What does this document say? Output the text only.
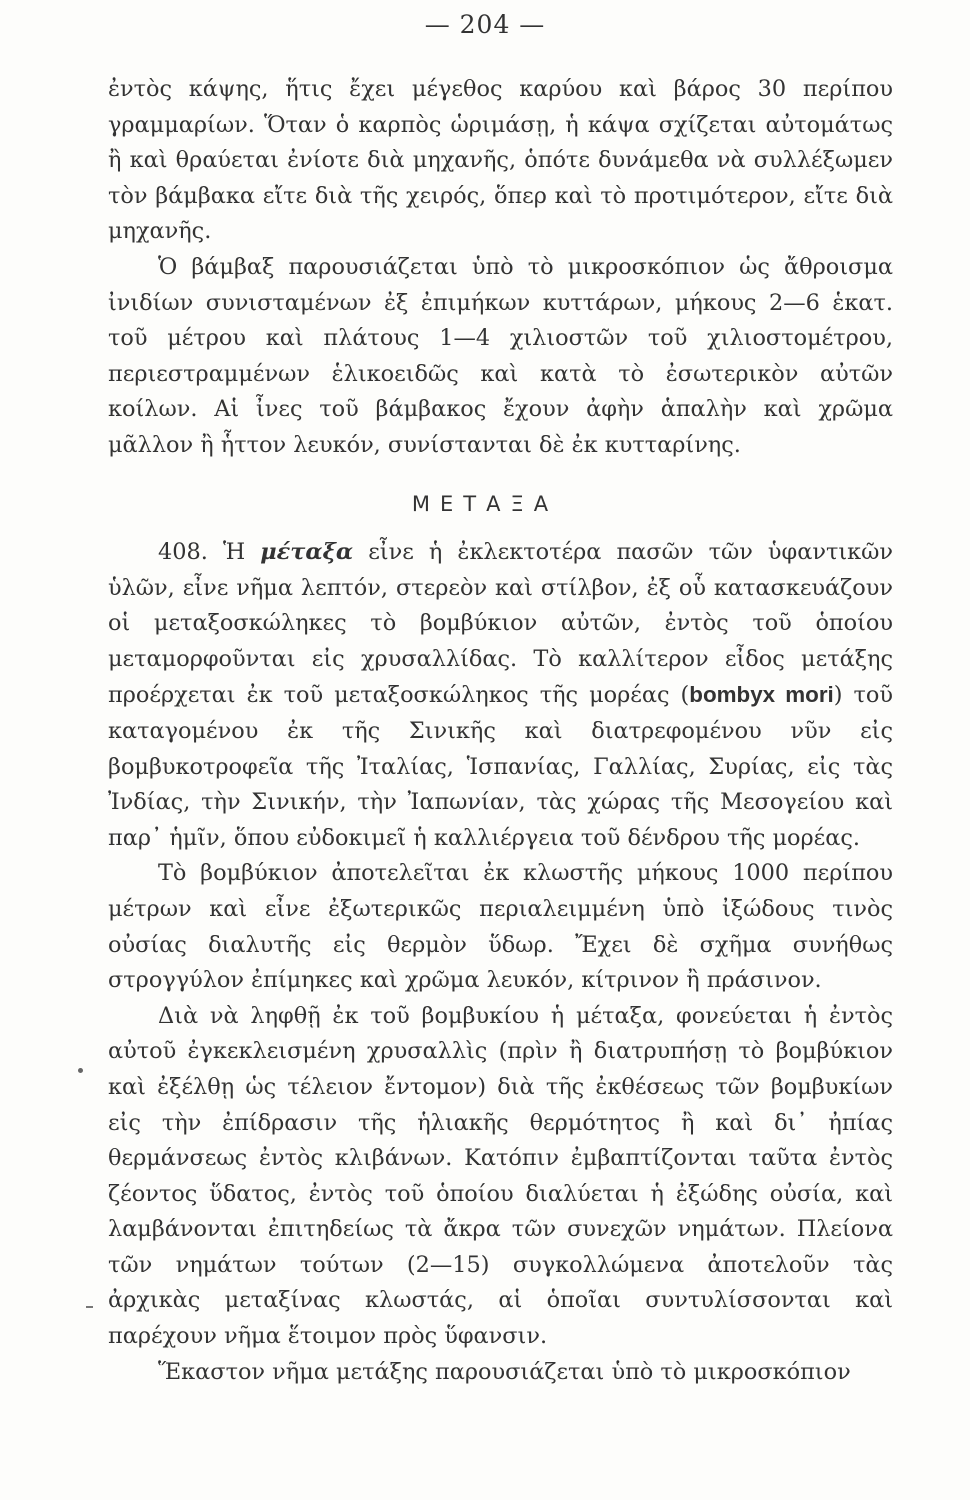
— 204 —

ἐντὸς κάψης, ἥτις ἔχει μέγεθος καρύου καὶ βάρος 30 περίπου γραμμαρίων. Ὅταν ὁ καρπὸς ὡριμάσῃ, ἡ κάψα σχίζεται αὐτομάτως ἢ καὶ θραύεται ἐνίοτε διὰ μηχανῆς, ὁπότε δυνάμεθα νὰ συλλέξωμεν τὸν βάμβακα εἴτε διὰ τῆς χειρός, ὅπερ καὶ τὸ προτιμότερον, εἴτε διὰ μηχανῆς.

Ὁ βάμβαξ παρουσιάζεται ὑπὸ τὸ μικροσκόπιον ὡς ἄθροισμα ἰνιδίων συνισταμένων ἐξ ἐπιμήκων κυττάρων, μήκους 2—6 ἑκατ. τοῦ μέτρου καὶ πλάτους 1—4 χιλιοστῶν τοῦ χιλιοστομέτρου, περιεστραμμένων ἑλικοειδῶς καὶ κατὰ τὸ ἐσωτερικὸν αὐτῶν κοίλων. Αἱ ἶνες τοῦ βάμβακος ἔχουν ἀφὴν ἁπαλὴν καὶ χρῶμα μᾶλλον ἢ ἧττον λευκόν, συνίστανται δὲ ἐκ κυτταρίνης.

ΜΕΤΑΞΑ

408. Ἡ μέταξα εἶνε ἡ ἐκλεκτοτέρα πασῶν τῶν ὑφαντικῶν ὑλῶν, εἶνε νῆμα λεπτόν, στερεὸν καὶ στίλβον, ἐξ οὗ κατασκευάζουν οἱ μεταξοσκώληκες τὸ βομβύκιον αὐτῶν, ἐντὸς τοῦ ὁποίου μεταμορφοῦνται εἰς χρυσαλλίδας. Τὸ καλλίτερον εἶδος μετάξης προέρχεται ἐκ τοῦ μεταξοσκώληκος τῆς μορέας (bombyx mori) τοῦ καταγομένου ἐκ τῆς Σινικῆς καὶ διατρεφομένου νῦν εἰς βομβυκοτροφεῖα τῆς Ἰταλίας, Ἱσπανίας, Γαλλίας, Συρίας, εἰς τὰς Ἰνδίας, τὴν Σινικήν, τὴν Ἰαπωνίαν, τὰς χώρας τῆς Μεσογείου καὶ παρ᾽ ἡμῖν, ὅπου εὐδοκιμεῖ ἡ καλλιέργεια τοῦ δένδρου τῆς μορέας.

Τὸ βομβύκιον ἀποτελεῖται ἐκ κλωστῆς μήκους 1000 περίπου μέτρων καὶ εἶνε ἐξωτερικῶς περιαλειμμένη ὑπὸ ἰξώδους τινὸς οὐσίας διαλυτῆς εἰς θερμὸν ὕδωρ. Ἔχει δὲ σχῆμα συνήθως στρογγύλον ἐπίμηκες καὶ χρῶμα λευκόν, κίτρινον ἢ πράσινον.

Διὰ νὰ ληφθῇ ἐκ τοῦ βομβυκίου ἡ μέταξα, φονεύεται ἡ ἐντὸς αὐτοῦ ἐγκεκλεισμένη χρυσαλλὶς (πρὶν ἢ διατρυπήσῃ τὸ βομβύκιον καὶ ἐξέλθῃ ὡς τέλειον ἔντομον) διὰ τῆς ἐκθέσεως τῶν βομβυκίων εἰς τὴν ἐπίδρασιν τῆς ἡλιακῆς θερμότητος ἢ καὶ δι᾽ ἠπίας θερμάνσεως ἐντὸς κλιβάνων. Κατόπιν ἐμβαπτίζονται ταῦτα ἐντὸς ζέοντος ὕδατος, ἐντὸς τοῦ ὁποίου διαλύεται ἡ ἐξώδης οὐσία, καὶ λαμβάνονται ἐπιτηδείως τὰ ἄκρα τῶν συνεχῶν νημάτων. Πλείονα τῶν νημάτων τούτων (2—15) συγκολλώμενα ἀποτελοῦν τὰς ἀρχικὰς μεταξίνας κλωστάς, αἱ ὁποῖαι συντυλίσσονται καὶ παρέχουν νῆμα ἕτοιμον πρὸς ὕφανσιν.

Ἕκαστον νῆμα μετάξης παρουσιάζεται ὑπὸ τὸ μικροσκόπιον
